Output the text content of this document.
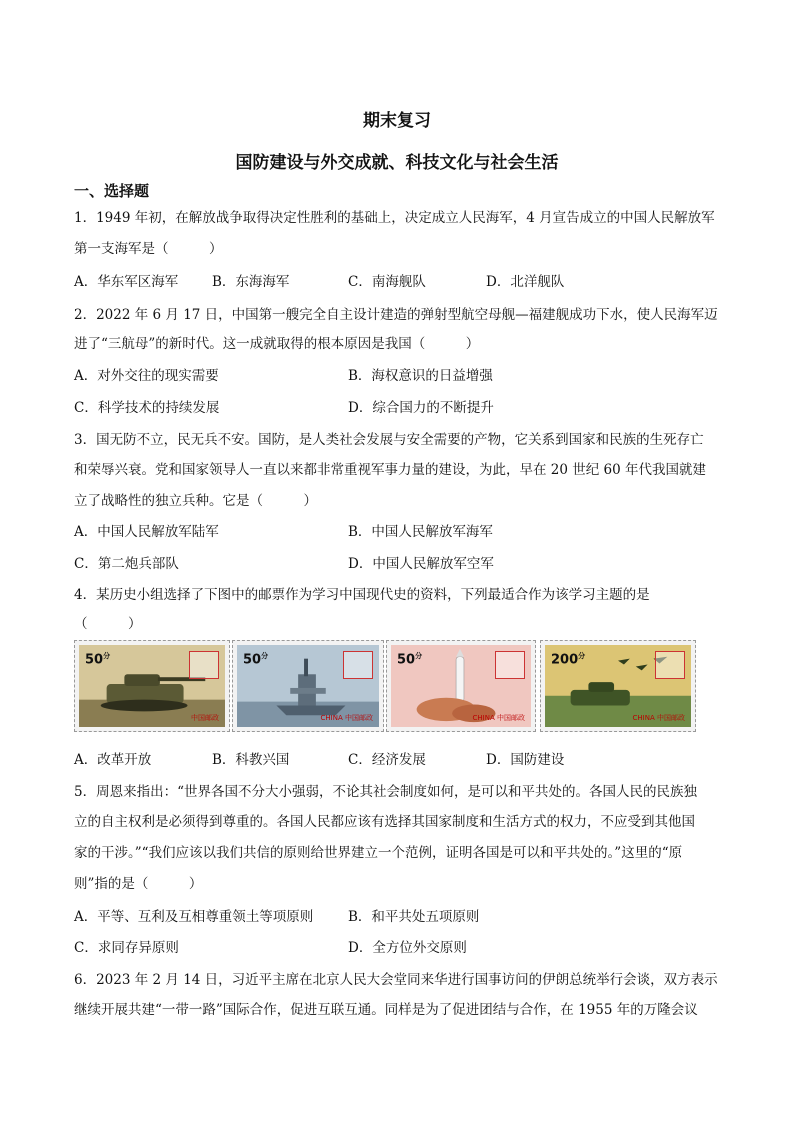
期末复习
国防建设与外交成就、科技文化与社会生活
一、选择题
1．1949 年初，在解放战争取得决定性胜利的基础上，决定成立人民海军，4 月宣告成立的中国人民解放军
第一支海军是（　　　）
A．华东军区海军	B．东海海军	C．南海舰队	D．北洋舰队
2．2022 年 6 月 17 日，中国第一艘完全自主设计建造的弹射型航空母舰—福建舰成功下水，使人民海军迈
进了“三航母”的新时代。这一成就取得的根本原因是我国（　　　）
A．对外交往的现实需要	B．海权意识的日益增强
C．科学技术的持续发展	D．综合国力的不断提升
3．国无防不立，民无兵不安。国防，是人类社会发展与安全需要的产物，它关系到国家和民族的生死存亡
和荣辱兴衰。党和国家领导人一直以来都非常重视军事力量的建设，为此，早在 20 世纪 60 年代我国就建
立了战略性的独立兵种。它是（　　　）
A．中国人民解放军陆军	B．中国人民解放军海军
C．第二炮兵部队	D．中国人民解放军空军
4．某历史小组选择了下图中的邮票作为学习中国现代史的资料，下列最适合作为该学习主题的是
（　　　）
$50^分$
中国邮政
$50^分$
CHINA 中国邮政
$50^分$
CHINA 中国邮政
$200^分$
CHINA 中国邮政
A．改革开放	B．科教兴国	C．经济发展	D．国防建设
5．周恩来指出：“世界各国不分大小强弱，不论其社会制度如何，是可以和平共处的。各国人民的民族独
立的自主权利是必须得到尊重的。各国人民都应该有选择其国家制度和生活方式的权力，不应受到其他国
家的干涉。”“我们应该以我们共信的原则给世界建立一个范例，证明各国是可以和平共处的。”这里的“原
则”指的是（　　　）
A．平等、互利及互相尊重领土等项原则	B．和平共处五项原则
C．求同存异原则	D．全方位外交原则
6．2023 年 2 月 14 日，习近平主席在北京人民大会堂同来华进行国事访问的伊朗总统举行会谈，双方表示
继续开展共建“一带一路”国际合作，促进互联互通。同样是为了促进团结与合作，在 1955 年的万隆会议
